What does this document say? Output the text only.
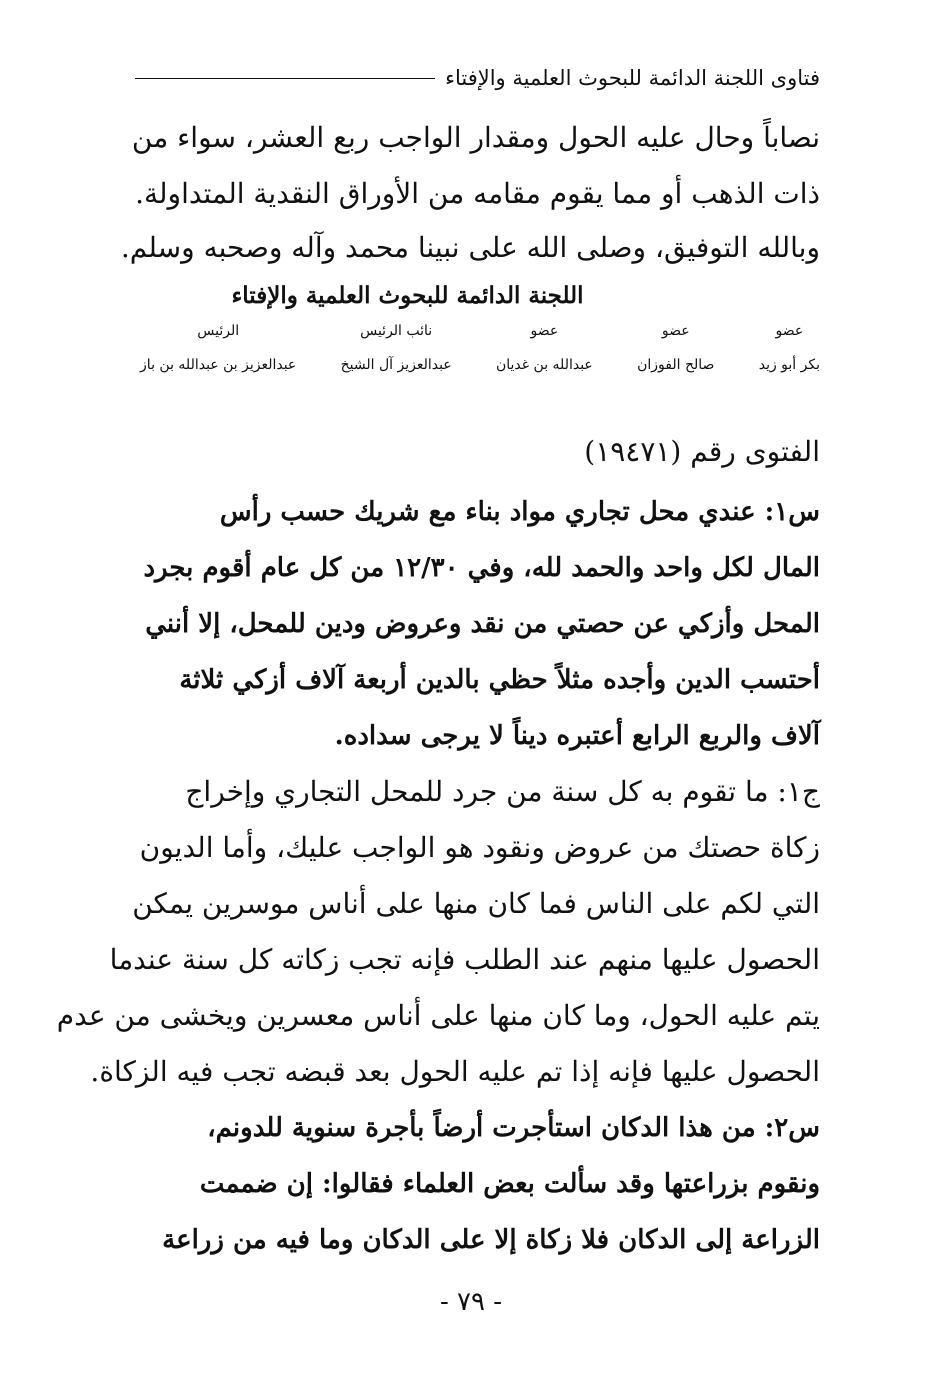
فتاوى اللجنة الدائمة للبحوث العلمية والإفتاء
نصاباً وحال عليه الحول ومقدار الواجب ربع العشر، سواء من
ذات الذهب أو مما يقوم مقامه من الأوراق النقدية المتداولة.
وبالله التوفيق، وصلى الله على نبينا محمد وآله وصحبه وسلم.
اللجنة الدائمة للبحوث العلمية والإفتاء
عضو
بكر أبو زيد
عضو
صالح الفوزان
عضو
عبدالله بن غديان
نائب الرئيس
عبدالعزيز آل الشيخ
الرئيس
عبدالعزيز بن عبدالله بن باز
الفتوى رقم (١٩٤٧١)
س١: عندي محل تجاري مواد بناء مع شريك حسب رأس
المال لكل واحد والحمد لله، وفي ١٢/٣٠ من كل عام أقوم بجرد
المحل وأزكي عن حصتي من نقد وعروض ودين للمحل، إلا أنني
أحتسب الدين وأجده مثلاً حظي بالدين أربعة آلاف أزكي ثلاثة
آلاف والربع الرابع أعتبره ديناً لا يرجى سداده.
ج١: ما تقوم به كل سنة من جرد للمحل التجاري وإخراج
زكاة حصتك من عروض ونقود هو الواجب عليك، وأما الديون
التي لكم على الناس فما كان منها على أناس موسرين يمكن
الحصول عليها منهم عند الطلب فإنه تجب زكاته كل سنة عندما
يتم عليه الحول، وما كان منها على أناس معسرين ويخشى من عدم
الحصول عليها فإنه إذا تم عليه الحول بعد قبضه تجب فيه الزكاة.
س٢: من هذا الدكان استأجرت أرضاً بأجرة سنوية للدونم،
ونقوم بزراعتها وقد سألت بعض العلماء فقالوا: إن ضممت
الزراعة إلى الدكان فلا زكاة إلا على الدكان وما فيه من زراعة
- ٧٩ -
